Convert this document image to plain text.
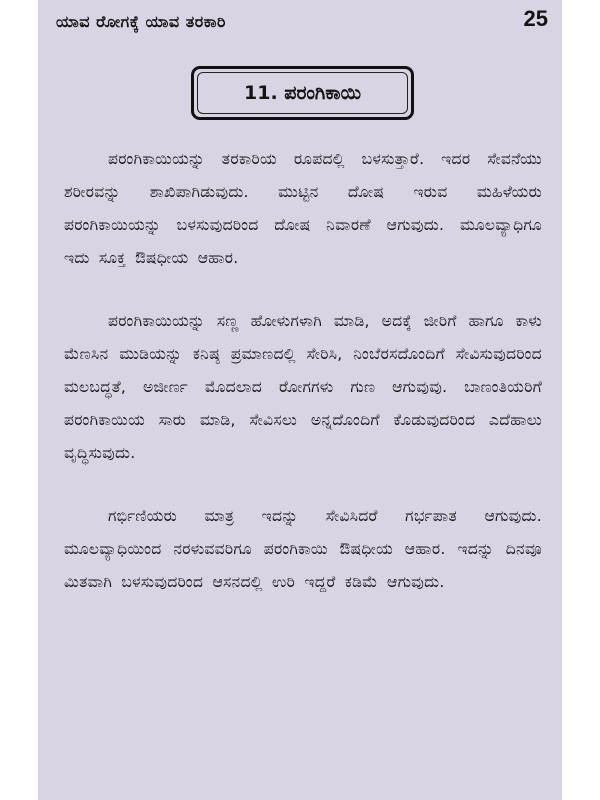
ಯಾವ ರೋಗಕ್ಕೆ ಯಾವ ತರಕಾರಿ	25
11. ಪರಂಗಿಕಾಯಿ

ಪರಂಗಿಕಾಯಿಯನ್ನು ತರಕಾರಿಯ ರೂಪದಲ್ಲಿ ಬಳಸುತ್ತಾರೆ. ಇದರ ಸೇವನೆಯು ಶರೀರವನ್ನು ಶಾಖಿಪಾಗಿಡುವುದು. ಮುಟ್ಟಿನ ದೋಷ ಇರುವ ಮಹಿಳೆಯರು ಪರಂಗಿಕಾಯಿಯನ್ನು ಬಳಸುವುದರಿಂದ ದೋಷ ನಿವಾರಣೆ ಆಗುವುದು. ಮೂಲವ್ಯಾಧಿಗೂ ಇದು ಸೂಕ್ತ ಔಷಧೀಯ ಆಹಾರ.

ಪರಂಗಿಕಾಯಿಯನ್ನು ಸಣ್ಣ ಹೋಳುಗಳಾಗಿ ಮಾಡಿ, ಅದಕ್ಕೆ ಜೀರಿಗೆ ಹಾಗೂ ಕಾಳು ಮೆಣಸಿನ ಮುಡಿಯನ್ನು ಕನಿಷ್ಠ ಪ್ರಮಾಣದಲ್ಲಿ ಸೇರಿಸಿ, ನಿಂಬೆರಸದೊಂದಿಗೆ ಸೇವಿಸುವುದರಿಂದ ಮಲಬದ್ಧತೆ, ಅಜೀರ್ಣ ಮೊದಲಾದ ರೋಗಗಳು ಗುಣ ಆಗುವುವು. ಬಾಣಂತಿಯರಿಗೆ ಪರಂಗಿಕಾಯಿಯ ಸಾರು ಮಾಡಿ, ಸೇವಿಸಲು ಅನ್ನದೊಂದಿಗೆ ಕೊಡುವುದರಿಂದ ಎದೆಹಾಲು ವೃದ್ಧಿಸುವುದು.

ಗರ್ಭಿಣಿಯರು ಮಾತ್ರ ಇದನ್ನು ಸೇವಿಸಿದರೆ ಗರ್ಭಪಾತ ಆಗುವುದು. ಮೂಲವ್ಯಾಧಿಯಿಂದ ನರಳುವವರಿಗೂ ಪರಂಗಿಕಾಯಿ ಔಷಧೀಯ ಆಹಾರ. ಇದನ್ನು ದಿನವೂ ಮಿತವಾಗಿ ಬಳಸುವುದರಿಂದ ಆಸನದಲ್ಲಿ ಉರಿ ಇದ್ದರೆ ಕಡಿಮೆ ಆಗುವುದು.
